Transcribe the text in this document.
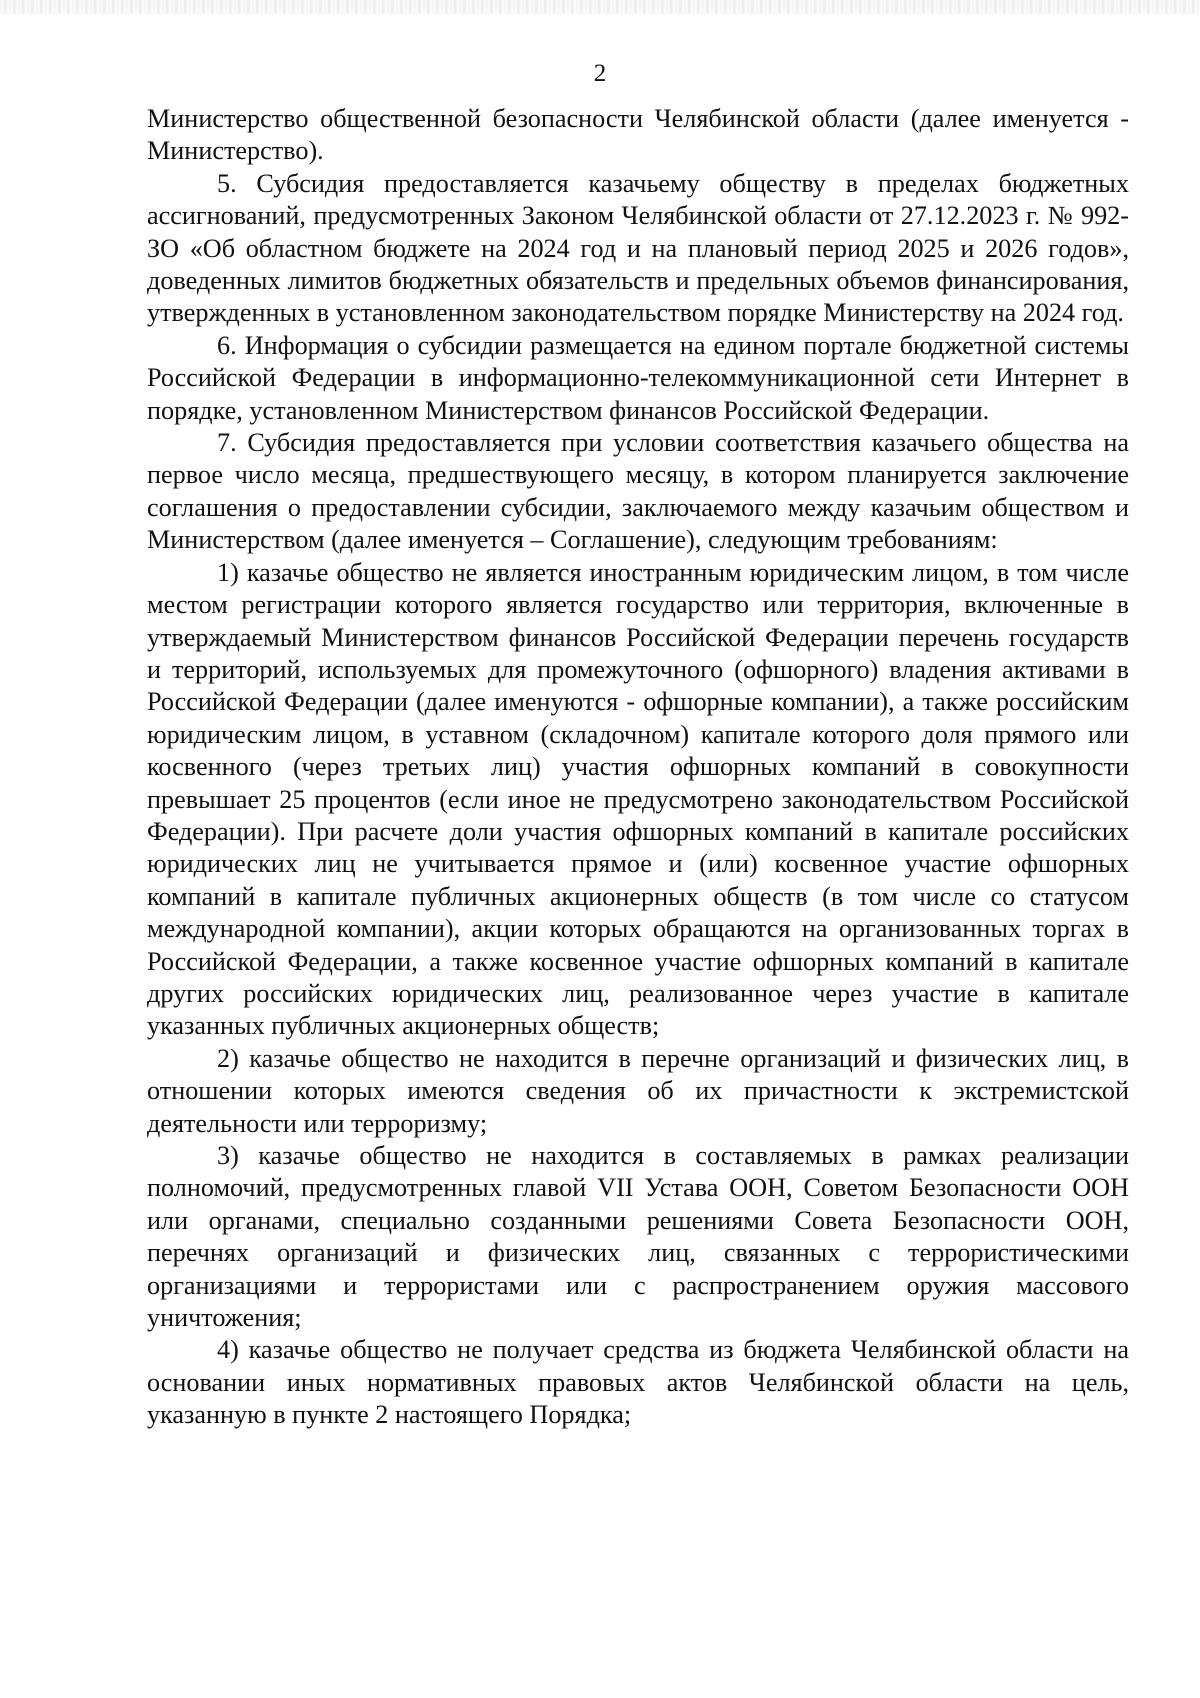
2

Министерство общественной безопасности Челябинской области (далее именуется - Министерство).

5. Субсидия предоставляется казачьему обществу в пределах бюджетных ассигнований, предусмотренных Законом Челябинской области от 27.12.2023 г. № 992-ЗО «Об областном бюджете на 2024 год и на плановый период 2025 и 2026 годов», доведенных лимитов бюджетных обязательств и предельных объемов финансирования, утвержденных в установленном законодательством порядке Министерству на 2024 год.

6. Информация о субсидии размещается на едином портале бюджетной системы Российской Федерации в информационно-телекоммуникационной сети Интернет в порядке, установленном Министерством финансов Российской Федерации.

7. Субсидия предоставляется при условии соответствия казачьего общества на первое число месяца, предшествующего месяцу, в котором планируется заключение соглашения о предоставлении субсидии, заключаемого между казачьим обществом и Министерством (далее именуется – Соглашение), следующим требованиям:

1) казачье общество не является иностранным юридическим лицом, в том числе местом регистрации которого является государство или территория, включенные в утверждаемый Министерством финансов Российской Федерации перечень государств и территорий, используемых для промежуточного (офшорного) владения активами в Российской Федерации (далее именуются - офшорные компании), а также российским юридическим лицом, в уставном (складочном) капитале которого доля прямого или косвенного (через третьих лиц) участия офшорных компаний в совокупности превышает 25 процентов (если иное не предусмотрено законодательством Российской Федерации). При расчете доли участия офшорных компаний в капитале российских юридических лиц не учитывается прямое и (или) косвенное участие офшорных компаний в капитале публичных акционерных обществ (в том числе со статусом международной компании), акции которых обращаются на организованных торгах в Российской Федерации, а также косвенное участие офшорных компаний в капитале других российских юридических лиц, реализованное через участие в капитале указанных публичных акционерных обществ;

2) казачье общество не находится в перечне организаций и физических лиц, в отношении которых имеются сведения об их причастности к экстремистской деятельности или терроризму;

3) казачье общество не находится в составляемых в рамках реализации полномочий, предусмотренных главой VII Устава ООН, Советом Безопасности ООН или органами, специально созданными решениями Совета Безопасности ООН, перечнях организаций и физических лиц, связанных с террористическими организациями и террористами или с распространением оружия массового уничтожения;

4) казачье общество не получает средства из бюджета Челябинской области на основании иных нормативных правовых актов Челябинской области на цель, указанную в пункте 2 настоящего Порядка;
